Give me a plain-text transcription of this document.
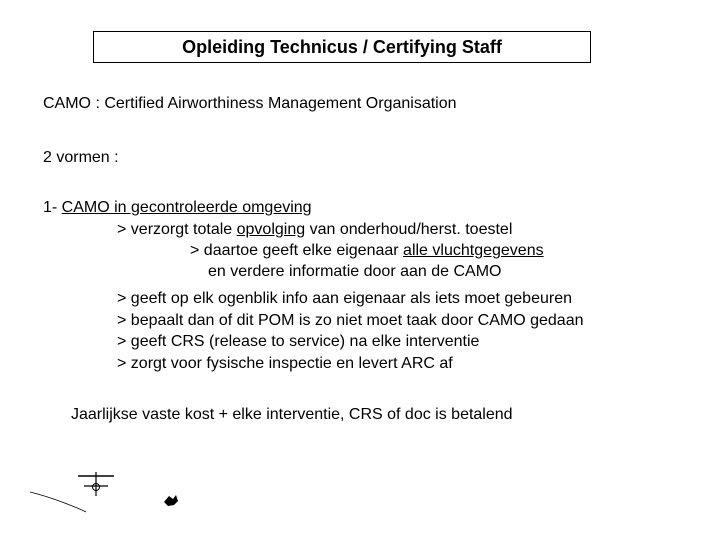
Opleiding Technicus / Certifying Staff
CAMO : Certified Airworthiness Management Organisation
2 vormen :
1- CAMO in gecontroleerde omgeving
> verzorgt totale opvolging van onderhoud/herst. toestel
> daartoe geeft elke eigenaar alle vluchtgegevens
en verdere informatie door aan de CAMO
> geeft op elk ogenblik info aan eigenaar als iets moet gebeuren
> bepaalt dan of dit POM is zo niet moet taak door CAMO gedaan
> geeft CRS (release to service) na elke interventie
> zorgt voor fysische inspectie en levert ARC af
Jaarlijkse vaste kost + elke interventie, CRS of doc is betalend
